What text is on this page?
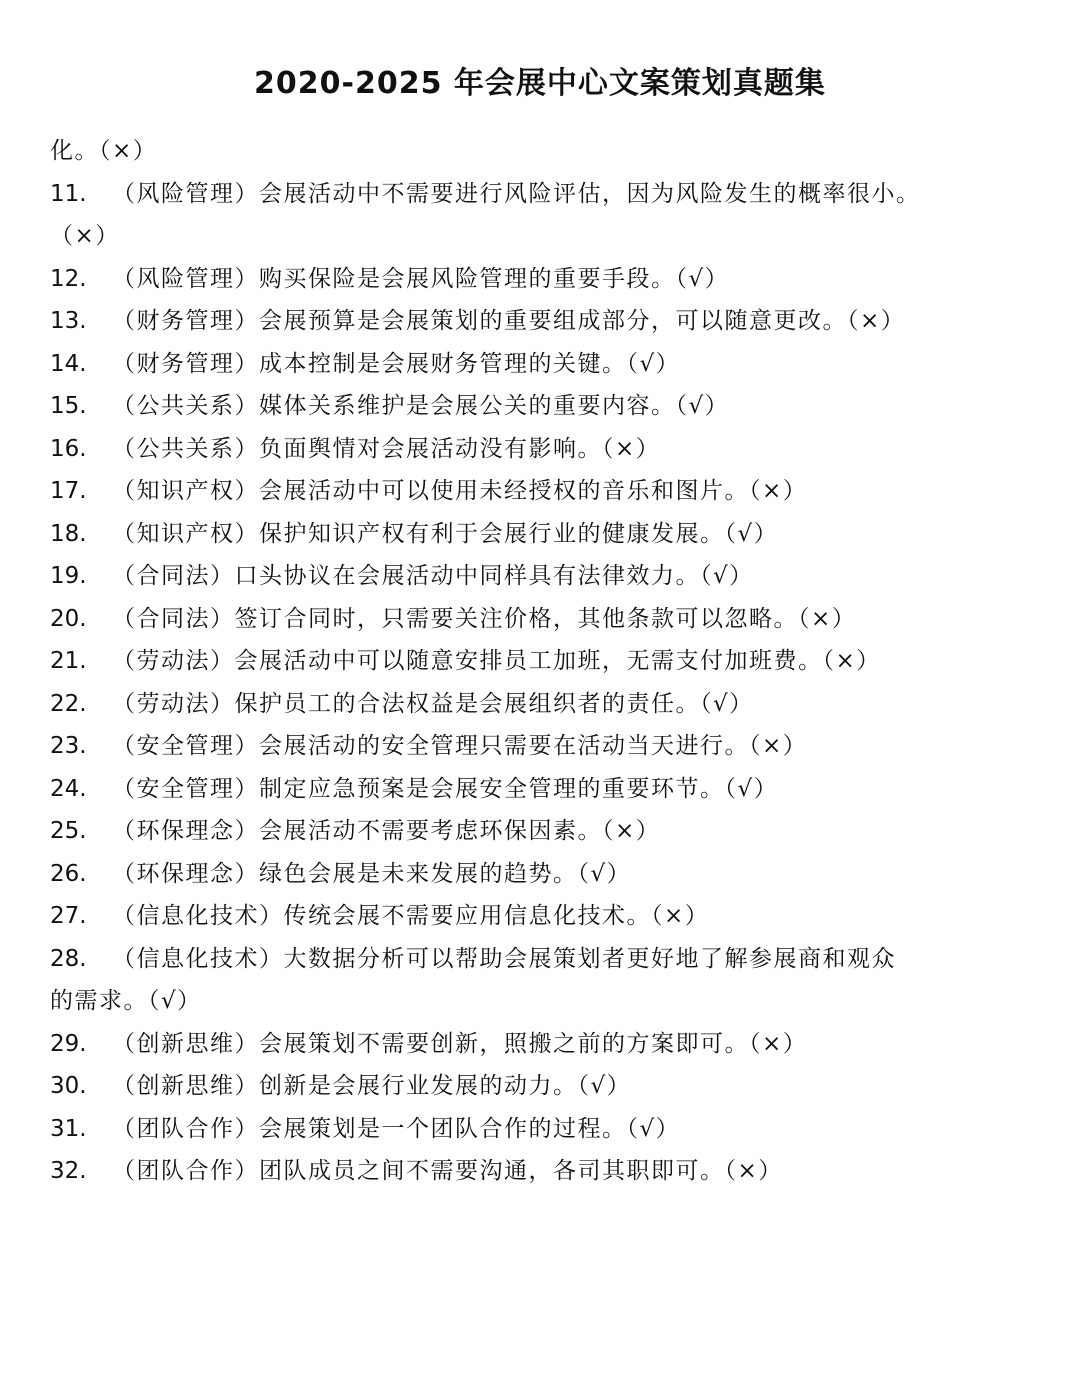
2020-2025 年会展中心文案策划真题集
化。（×）
11. （风险管理）会展活动中不需要进行风险评估，因为风险发生的概率很小。
（×）
12. （风险管理）购买保险是会展风险管理的重要手段。（√）
13. （财务管理）会展预算是会展策划的重要组成部分，可以随意更改。（×）
14. （财务管理）成本控制是会展财务管理的关键。（√）
15. （公共关系）媒体关系维护是会展公关的重要内容。（√）
16. （公共关系）负面舆情对会展活动没有影响。（×）
17. （知识产权）会展活动中可以使用未经授权的音乐和图片。（×）
18. （知识产权）保护知识产权有利于会展行业的健康发展。（√）
19. （合同法）口头协议在会展活动中同样具有法律效力。（√）
20. （合同法）签订合同时，只需要关注价格，其他条款可以忽略。（×）
21. （劳动法）会展活动中可以随意安排员工加班，无需支付加班费。（×）
22. （劳动法）保护员工的合法权益是会展组织者的责任。（√）
23. （安全管理）会展活动的安全管理只需要在活动当天进行。（×）
24. （安全管理）制定应急预案是会展安全管理的重要环节。（√）
25. （环保理念）会展活动不需要考虑环保因素。（×）
26. （环保理念）绿色会展是未来发展的趋势。（√）
27. （信息化技术）传统会展不需要应用信息化技术。（×）
28. （信息化技术）大数据分析可以帮助会展策划者更好地了解参展商和观众
的需求。（√）
29. （创新思维）会展策划不需要创新，照搬之前的方案即可。（×）
30. （创新思维）创新是会展行业发展的动力。（√）
31. （团队合作）会展策划是一个团队合作的过程。（√）
32. （团队合作）团队成员之间不需要沟通，各司其职即可。（×）
